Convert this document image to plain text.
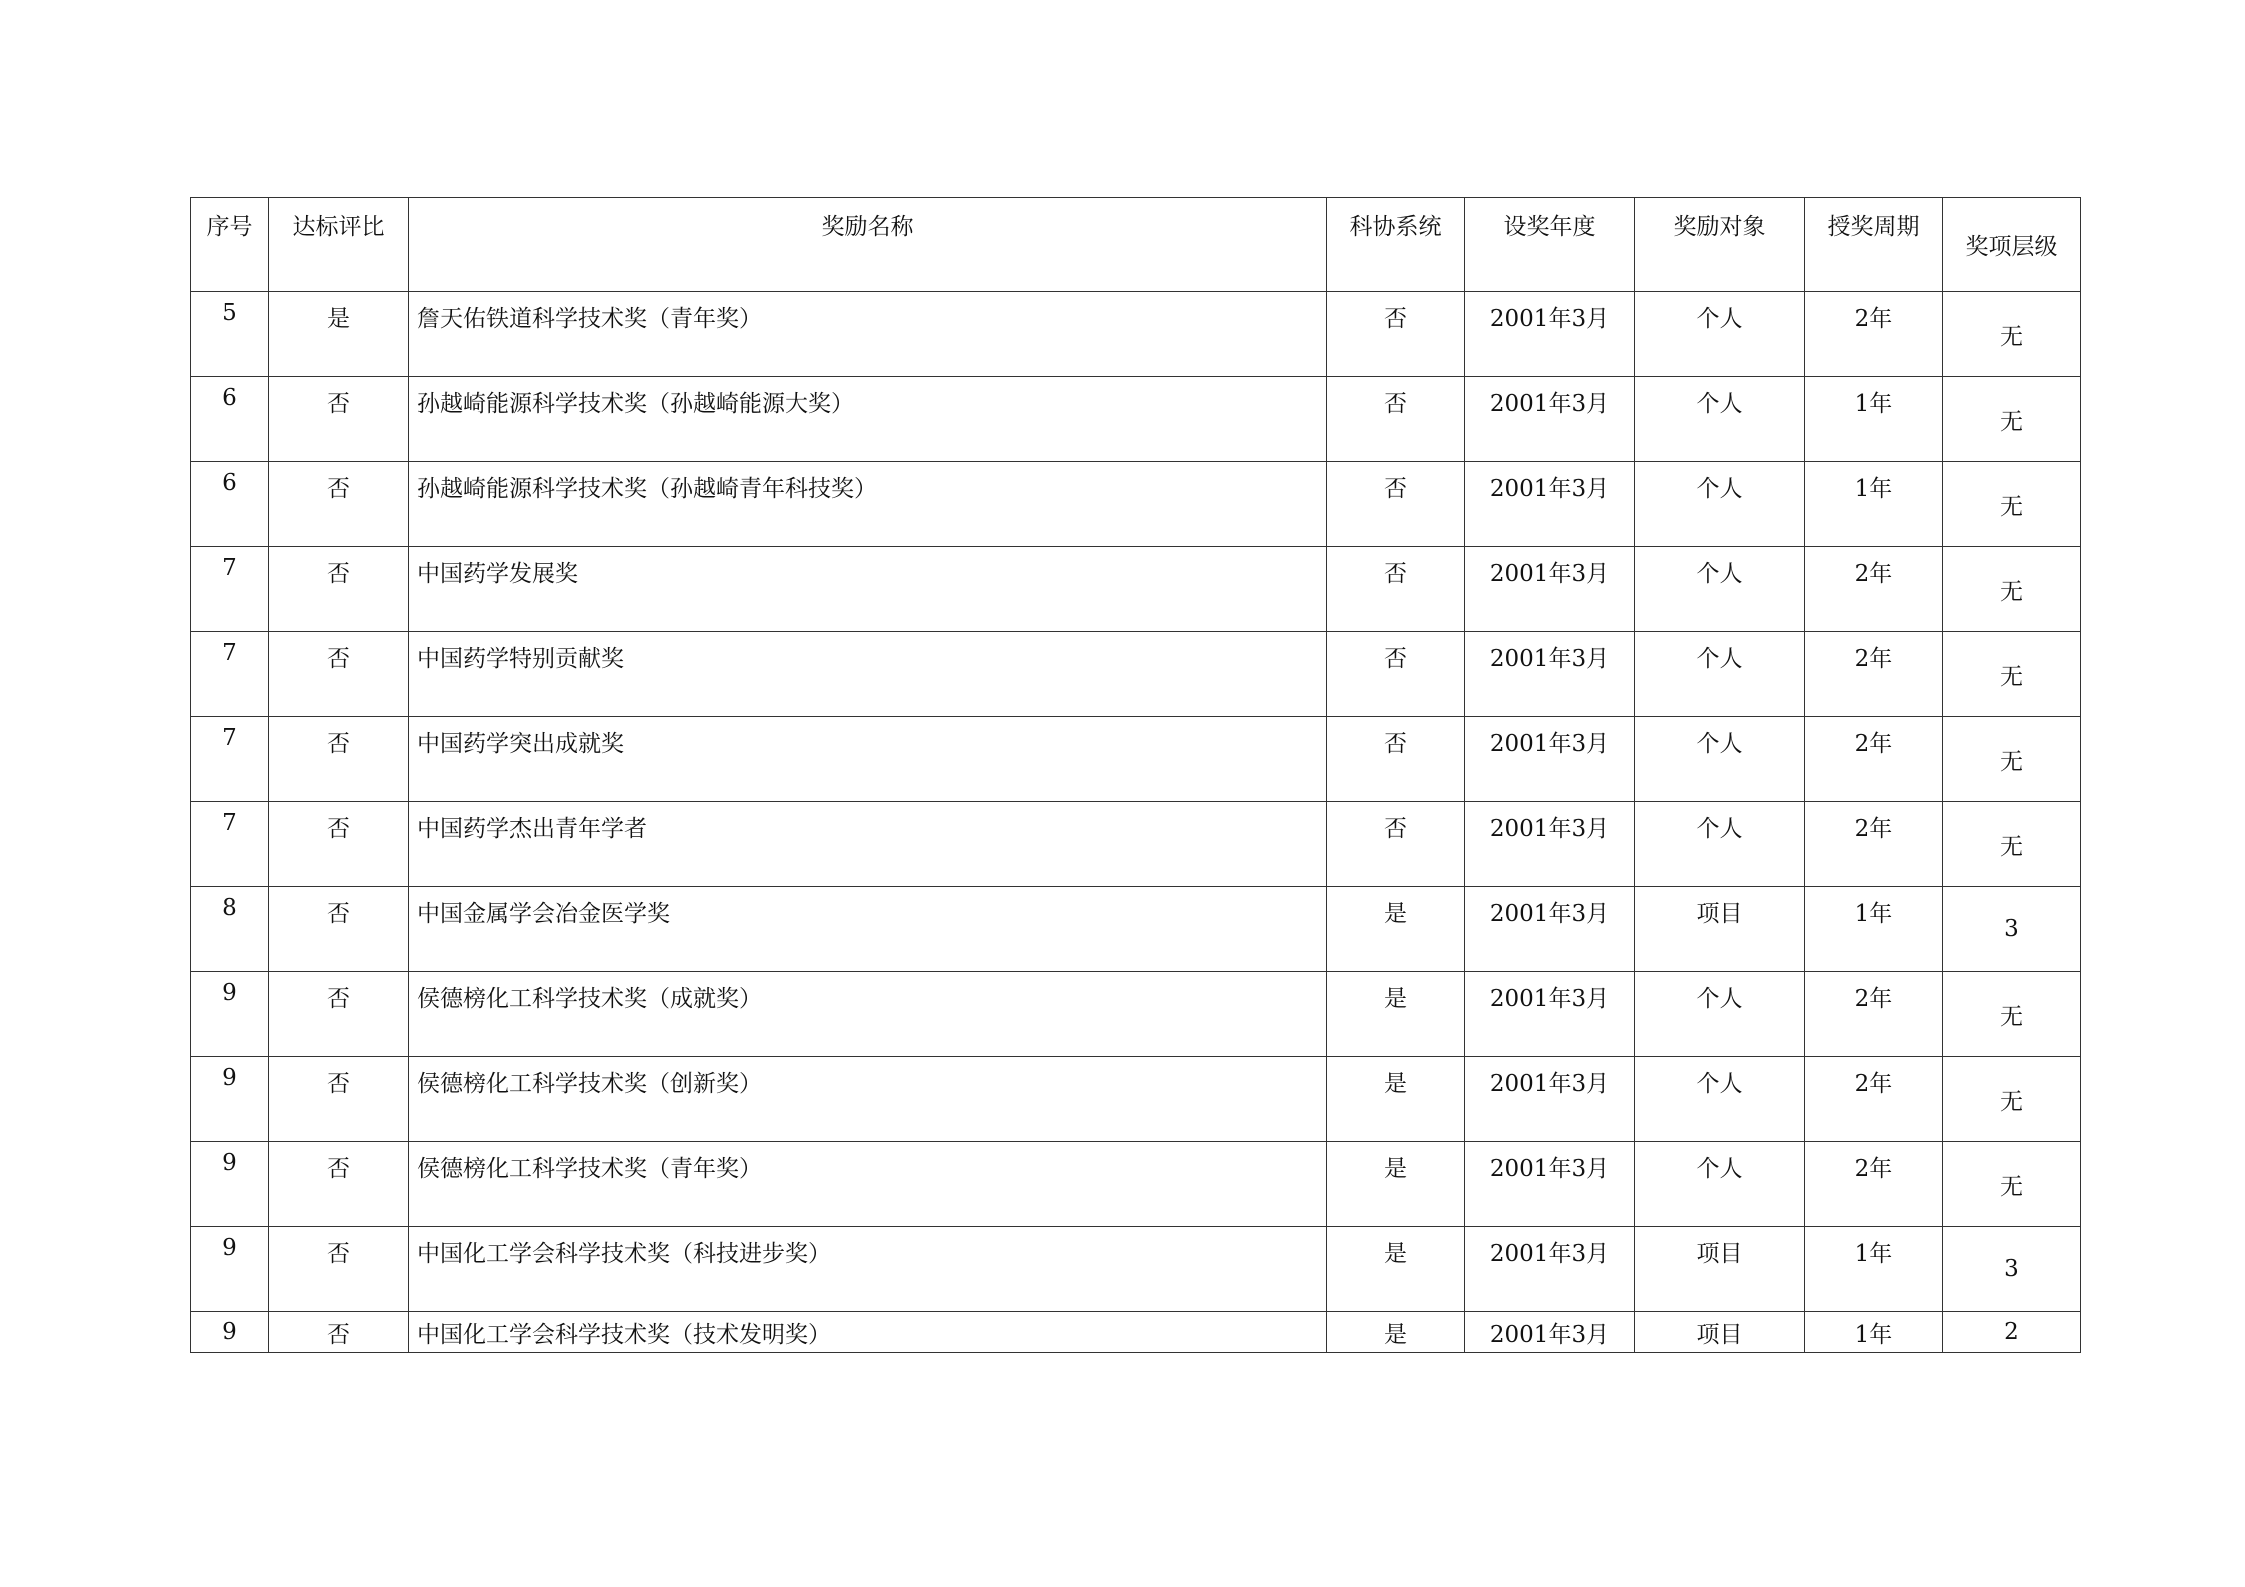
序号	达标评比	奖励名称	科协系统	设奖年度	奖励对象	授奖周期	奖项层级
5	是	詹天佑铁道科学技术奖（青年奖）	否	2001年3月	个人	2年	无
6	否	孙越崎能源科学技术奖（孙越崎能源大奖）	否	2001年3月	个人	1年	无
6	否	孙越崎能源科学技术奖（孙越崎青年科技奖）	否	2001年3月	个人	1年	无
7	否	中国药学发展奖	否	2001年3月	个人	2年	无
7	否	中国药学特别贡献奖	否	2001年3月	个人	2年	无
7	否	中国药学突出成就奖	否	2001年3月	个人	2年	无
7	否	中国药学杰出青年学者	否	2001年3月	个人	2年	无
8	否	中国金属学会冶金医学奖	是	2001年3月	项目	1年	3
9	否	侯德榜化工科学技术奖（成就奖）	是	2001年3月	个人	2年	无
9	否	侯德榜化工科学技术奖（创新奖）	是	2001年3月	个人	2年	无
9	否	侯德榜化工科学技术奖（青年奖）	是	2001年3月	个人	2年	无
9	否	中国化工学会科学技术奖（科技进步奖）	是	2001年3月	项目	1年	3
9	否	中国化工学会科学技术奖（技术发明奖）	是	2001年3月	项目	1年	2
